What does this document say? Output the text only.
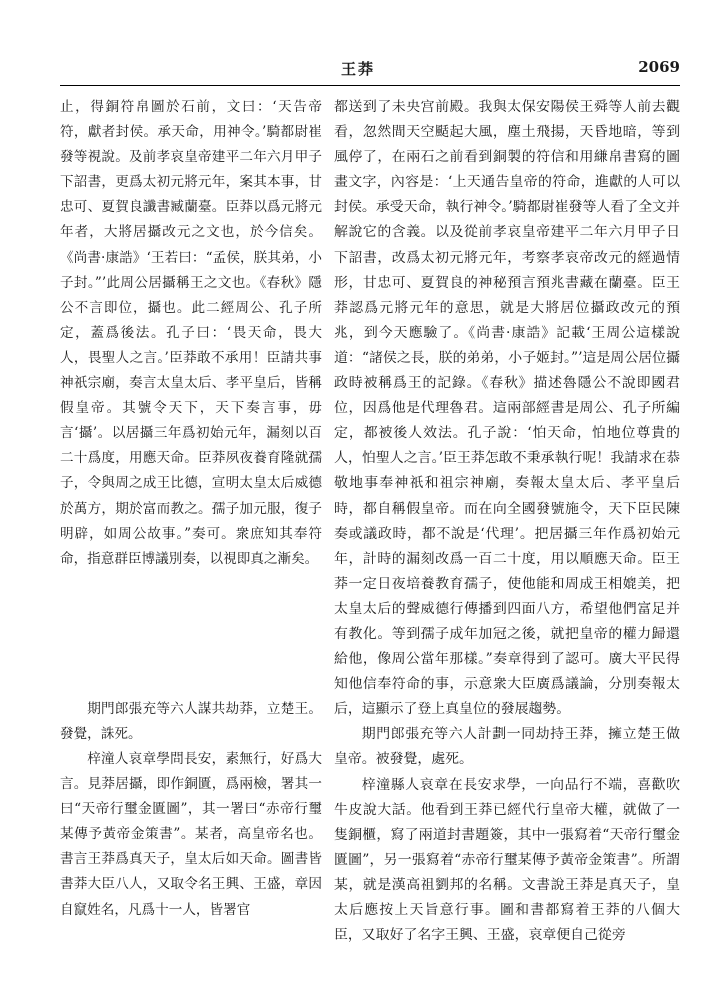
王莽	2069

止，得銅符帛圖於石前，文曰：‘天告帝符，獻者封侯。承天命，用神令。’騎都尉崔發等視說。及前孝哀皇帝建平二年六月甲子下詔書，更爲太初元將元年，案其本事，甘忠可、夏賀良讖書臧蘭臺。臣莽以爲元將元年者，大將居攝改元之文也，於今信矣。《尚書·康誥》‘王若曰：“孟侯，朕其弟，小子封。”’此周公居攝稱王之文也。《春秋》隱公不言即位，攝也。此二經周公、孔子所定，蓋爲後法。孔子曰：‘畏天命，畏大人，畏聖人之言。’臣莽敢不承用！臣請共事神祇宗廟，奏言太皇太后、孝平皇后，皆稱假皇帝。其號令天下，天下奏言事，毋言‘攝’。以居攝三年爲初始元年，漏刻以百二十爲度，用應天命。臣莽夙夜養育隆就孺子，令與周之成王比德，宣明太皇太后威德於萬方，期於富而教之。孺子加元服，復子明辟，如周公故事。”奏可。衆庶知其奉符命，指意群臣博議別奏，以視即真之漸矣。

期門郎張充等六人謀共劫莽，立楚王。發覺，誅死。

梓潼人哀章學問長安，素無行，好爲大言。見莽居攝，即作銅匱，爲兩檢，署其一曰“天帝行璽金匱圖”，其一署曰“赤帝行璽某傳予黃帝金策書”。某者，高皇帝名也。書言王莽爲真天子，皇太后如天命。圖書皆書莽大臣八人，又取令名王興、王盛，章因自竄姓名，凡爲十一人，皆署官

都送到了未央宫前殿。我與太保安陽侯王舜等人前去觀看，忽然間天空颳起大風，塵土飛揚，天昏地暗，等到風停了，在兩石之前看到銅製的符信和用縑帛書寫的圖畫文字，內容是：‘上天通告皇帝的符命，進獻的人可以封侯。承受天命，執行神令。’騎都尉崔發等人看了全文并解說它的含義。以及從前孝哀皇帝建平二年六月甲子日下詔書，改爲太初元將元年，考察孝哀帝改元的經過情形，甘忠可、夏賀良的神秘預言預兆書藏在蘭臺。臣王莽認爲元將元年的意思，就是大將居位攝政改元的預兆，到今天應驗了。《尚書·康誥》記載‘王周公這樣說道：“諸侯之長，朕的弟弟，小子姬封。”’這是周公居位攝政時被稱爲王的記錄。《春秋》描述魯隱公不說即國君位，因爲他是代理魯君。這兩部經書是周公、孔子所編定，都被後人效法。孔子說：‘怕天命，怕地位尊貴的人，怕聖人之言。’臣王莽怎敢不秉承執行呢！我請求在恭敬地事奉神祇和祖宗神廟，奏報太皇太后、孝平皇后時，都自稱假皇帝。而在向全國發號施令，天下臣民陳奏或議政時，都不說是‘代理’。把居攝三年作爲初始元年，計時的漏刻改爲一百二十度，用以順應天命。臣王莽一定日夜培養教育孺子，使他能和周成王相媲美，把太皇太后的聲威德行傳播到四面八方，希望他們富足并有教化。等到孺子成年加冠之後，就把皇帝的權力歸還給他，像周公當年那樣。”奏章得到了認可。廣大平民得知他信奉符命的事，示意衆大臣廣爲議論，分別奏報太后，這顯示了登上真皇位的發展趨勢。

期門郎張充等六人計劃一同劫持王莽，擁立楚王做皇帝。被發覺，處死。

梓潼縣人哀章在長安求學，一向品行不端，喜歡吹牛皮說大話。他看到王莽已經代行皇帝大權，就做了一隻銅櫃，寫了兩道封書題簽，其中一張寫着“天帝行璽金匱圖”，另一張寫着“赤帝行璽某傳予黃帝金策書”。所謂某，就是漢高祖劉邦的名稱。文書說王莽是真天子，皇太后應按上天旨意行事。圖和書都寫着王莽的八個大臣，又取好了名字王興、王盛，哀章便自己從旁
